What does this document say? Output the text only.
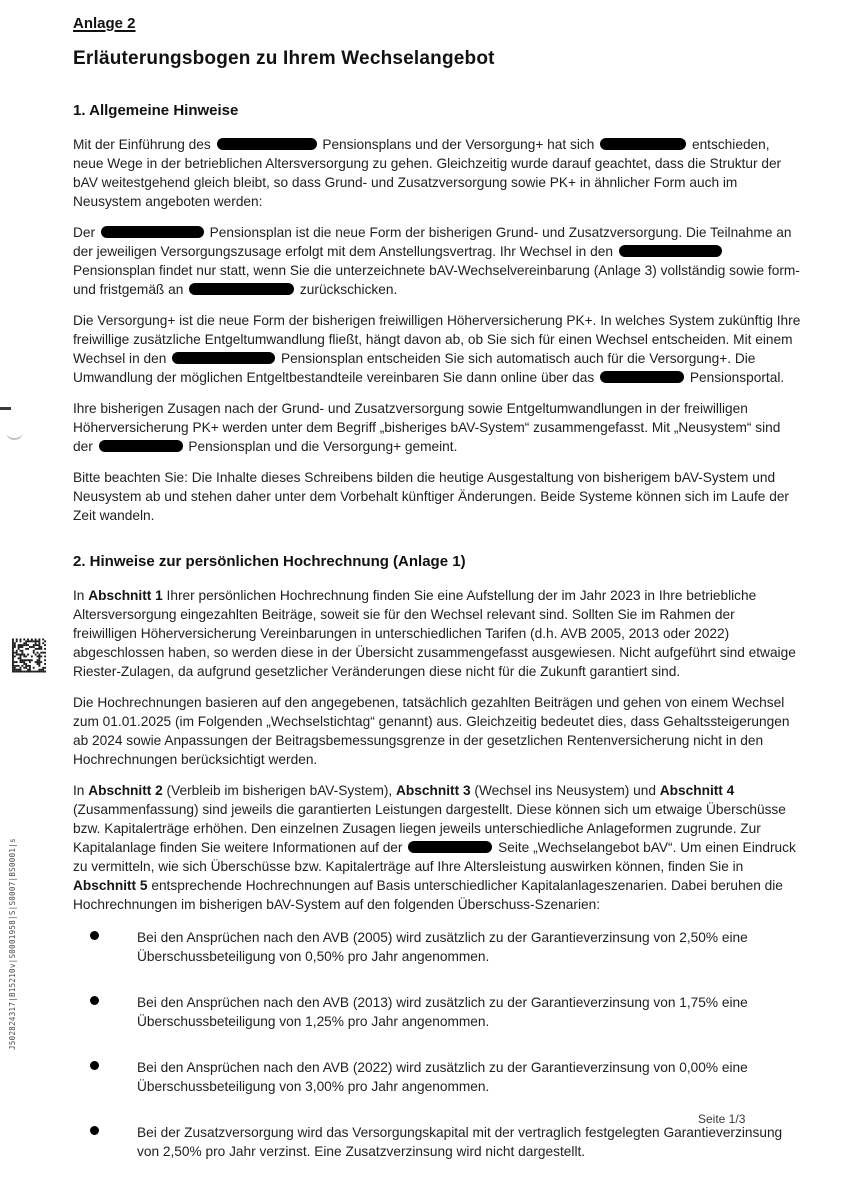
Anlage 2

Erläuterungsbogen zu Ihrem Wechselangebot
1. Allgemeine Hinweise

Mit der Einführung des	Pensionsplans und der Versorgung+ hat sich	entschieden, neue Wege in der betrieblichen Altersversorgung zu gehen. Gleichzeitig wurde darauf geachtet, dass die Struktur der bAV weitestgehend gleich bleibt, so dass Grund- und Zusatzversorgung sowie PK+ in ähnlicher Form auch im Neusystem angeboten werden:

Der	Pensionsplan ist die neue Form der bisherigen Grund- und Zusatzversorgung. Die Teilnahme an der jeweiligen Versorgungszusage erfolgt mit dem Anstellungsvertrag. Ihr Wechsel in den  Pensionsplan findet nur statt, wenn Sie die unterzeichnete bAV-Wechselvereinbarung (Anlage 3) vollständig sowie form- und fristgemäß an	zurückschicken.

Die Versorgung+ ist die neue Form der bisherigen freiwilligen Höherversicherung PK+. In welches System zukünftig Ihre freiwillige zusätzliche Entgeltumwandlung fließt, hängt davon ab, ob Sie sich für einen Wechsel entscheiden. Mit einem Wechsel in den	Pensionsplan entscheiden Sie sich automatisch auch für die Versorgung+. Die Umwandlung der möglichen Entgeltbestandteile vereinbaren Sie dann online über das	Pensionsportal.

Ihre bisherigen Zusagen nach der Grund- und Zusatzversorgung sowie Entgeltumwandlungen in der freiwilligen Höherversicherung PK+ werden unter dem Begriff „bisheriges bAV-System“ zusammengefasst. Mit „Neusystem“ sind der	Pensionsplan und die Versorgung+ gemeint.

Bitte beachten Sie: Die Inhalte dieses Schreibens bilden die heutige Ausgestaltung von bisherigem bAV-System und Neusystem ab und stehen daher unter dem Vorbehalt künftiger Änderungen. Beide Systeme können sich im Laufe der Zeit wandeln.

2. Hinweise zur persönlichen Hochrechnung (Anlage 1)

In Abschnitt 1 Ihrer persönlichen Hochrechnung finden Sie eine Aufstellung der im Jahr 2023 in Ihre betriebliche Altersversorgung eingezahlten Beiträge, soweit sie für den Wechsel relevant sind. Sollten Sie im Rahmen der freiwilligen Höherversicherung Vereinbarungen in unterschiedlichen Tarifen (d.h. AVB 2005, 2013 oder 2022) abgeschlossen haben, so werden diese in der Übersicht zusammengefasst ausgewiesen. Nicht aufgeführt sind etwaige Riester-Zulagen, da aufgrund gesetzlicher Veränderungen diese nicht für die Zukunft garantiert sind.

Die Hochrechnungen basieren auf den angegebenen, tatsächlich gezahlten Beiträgen und gehen von einem Wechsel zum 01.01.2025 (im Folgenden „Wechselstichtag“ genannt) aus. Gleichzeitig bedeutet dies, dass Gehaltssteigerungen ab 2024 sowie Anpassungen der Beitragsbemessungsgrenze in der gesetzlichen Rentenversicherung nicht in den Hochrechnungen berücksichtigt werden.

In Abschnitt 2 (Verbleib im bisherigen bAV-System), Abschnitt 3 (Wechsel ins Neusystem) und Abschnitt 4 (Zusammenfassung) sind jeweils die garantierten Leistungen dargestellt. Diese können sich um etwaige Überschüsse bzw. Kapitalerträge erhöhen. Den einzelnen Zusagen liegen jeweils unterschiedliche Anlageformen zugrunde. Zur Kapitalanlage finden Sie weitere Informationen auf der	Seite „Wechselangebot bAV“. Um einen Eindruck zu vermitteln, wie sich Überschüsse bzw. Kapitalerträge auf Ihre Altersleistung auswirken können, finden Sie in Abschnitt 5 entsprechende Hochrechnungen auf Basis unterschiedlicher Kapitalanlageszenarien. Dabei beruhen die Hochrechnungen im bisherigen bAV-System auf den folgenden Überschuss-Szenarien:

Bei den Ansprüchen nach den AVB (2005) wird zusätzlich zu der Garantieverzinsung von 2,50% eine Überschussbeteiligung von 0,50% pro Jahr angenommen.
Bei den Ansprüchen nach den AVB (2013) wird zusätzlich zu der Garantieverzinsung von 1,75% eine Überschussbeteiligung von 1,25% pro Jahr angenommen.
Bei den Ansprüchen nach den AVB (2022) wird zusätzlich zu der Garantieverzinsung von 0,00% eine Überschussbeteiligung von 3,00% pro Jahr angenommen.
Bei der Zusatzversorgung wird das Versorgungskapital mit der vertraglich festgelegten Garantieverzinsung von 2,50% pro Jahr verzinst. Eine Zusatzverzinsung wird nicht dargestellt.
J502824317|B15210v|S0001958|S|S0007|BS0001|s
Seite 1/3
